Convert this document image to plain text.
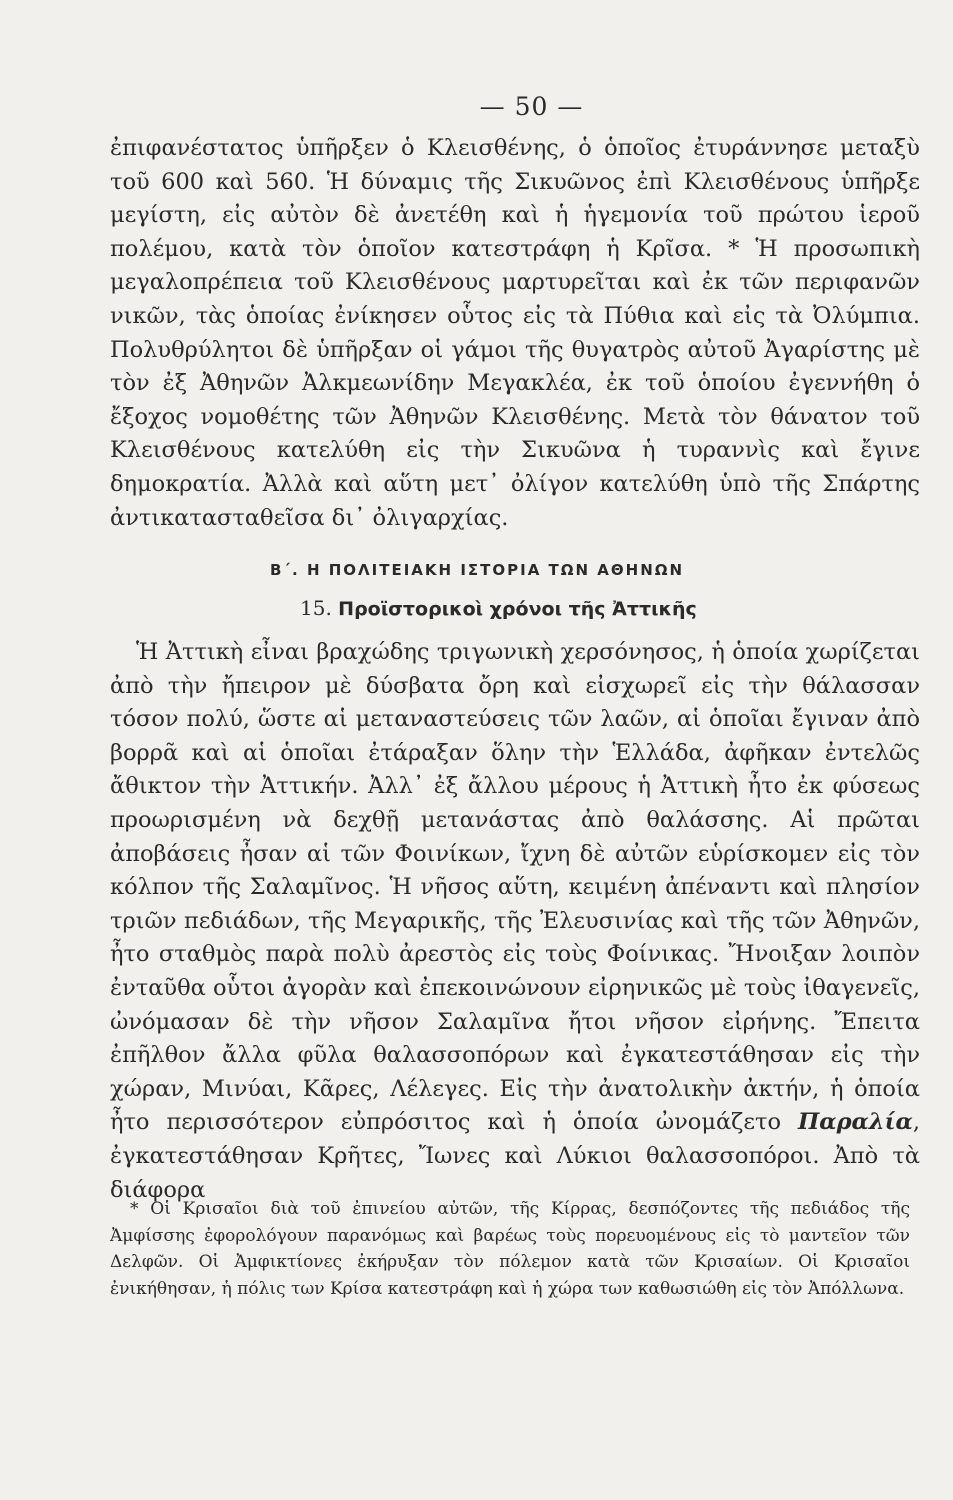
— 50 —

ἐπιφανέστατος ὑπῆρξεν ὁ Κλεισθένης, ὁ ὁποῖος ἐτυράννησε μεταξὺ τοῦ 600 καὶ 560. Ἡ δύναμις τῆς Σικυῶνος ἐπὶ Κλεισθένους ὑπῆρξε μεγίστη, εἰς αὐτὸν δὲ ἀνετέθη καὶ ἡ ἡγεμονία τοῦ πρώτου ἱεροῦ πολέμου, κατὰ τὸν ὁποῖον κατεστράφη ἡ Κρῖσα. * Ἡ προσωπικὴ μεγαλοπρέπεια τοῦ Κλεισθένους μαρτυρεῖται καὶ ἐκ τῶν περιφανῶν νικῶν, τὰς ὁποίας ἐνίκησεν οὗτος εἰς τὰ Πύθια καὶ εἰς τὰ Ὀλύμπια. Πολυθρύλητοι δὲ ὑπῆρξαν οἱ γάμοι τῆς θυγατρὸς αὐτοῦ Ἀγαρίστης μὲ τὸν ἐξ Ἀθηνῶν Ἀλκμεωνίδην Μεγακλέα, ἐκ τοῦ ὁποίου ἐγεννήθη ὁ ἔξοχος νομοθέτης τῶν Ἀθηνῶν Κλεισθένης. Μετὰ τὸν θάνατον τοῦ Κλεισθένους κατελύθη εἰς τὴν Σικυῶνα ἡ τυραννὶς καὶ ἔγινε δημοκρατία. Ἀλλὰ καὶ αὕτη μετ᾿ ὀλίγον κατελύθη ὑπὸ τῆς Σπάρτης ἀντικατασταθεῖσα δι᾿ ὀλιγαρχίας.

Β΄. Η ΠΟΛΙΤΕΙΑΚΗ ΙΣΤΟΡΙΑ ΤΩΝ ΑΘΗΝΩΝ
15. Προϊστορικοὶ χρόνοι τῆς Ἀττικῆς

Ἡ Ἀττικὴ εἶναι βραχώδης τριγωνικὴ χερσόνησος, ἡ ὁποία χωρίζεται ἀπὸ τὴν ἤπειρον μὲ δύσβατα ὄρη καὶ εἰσχωρεῖ εἰς τὴν θάλασσαν τόσον πολύ, ὥστε αἱ μεταναστεύσεις τῶν λαῶν, αἱ ὁποῖαι ἔγιναν ἀπὸ βορρᾶ καὶ αἱ ὁποῖαι ἐτάραξαν ὅλην τὴν Ἑλλάδα, ἀφῆκαν ἐντελῶς ἄθικτον τὴν Ἀττικήν. Ἀλλ᾿ ἐξ ἄλλου μέρους ἡ Ἀττικὴ ἦτο ἐκ φύσεως προωρισμένη νὰ δεχθῇ μετανάστας ἀπὸ θαλάσσης. Αἱ πρῶται ἀποβάσεις ἦσαν αἱ τῶν Φοινίκων, ἴχνη δὲ αὐτῶν εὑρίσκομεν εἰς τὸν κόλπον τῆς Σαλαμῖνος. Ἡ νῆσος αὕτη, κειμένη ἀπέναντι καὶ πλησίον τριῶν πεδιάδων, τῆς Μεγαρικῆς, τῆς Ἐλευσινίας καὶ τῆς τῶν Ἀθηνῶν, ἦτο σταθμὸς παρὰ πολὺ ἀρεστὸς εἰς τοὺς Φοίνικας. Ἤνοιξαν λοιπὸν ἐνταῦθα οὗτοι ἀγορὰν καὶ ἐπεκοινώνουν εἰρηνικῶς μὲ τοὺς ἰθαγενεῖς, ὠνόμασαν δὲ τὴν νῆσον Σαλαμῖνα ἤτοι νῆσον εἰρήνης. Ἔπειτα ἐπῆλθον ἄλλα φῦλα θαλασσοπόρων καὶ ἐγκατεστάθησαν εἰς τὴν χώραν, Μινύαι, Κᾶρες, Λέλεγες. Εἰς τὴν ἀνατολικὴν ἀκτήν, ἡ ὁποία ἦτο περισσότερον εὐπρόσιτος καὶ ἡ ὁποία ὠνομάζετο Παραλία, ἐγκατεστάθησαν Κρῆτες, Ἴωνες καὶ Λύκιοι θαλασσοπόροι. Ἀπὸ τὰ διάφορα

* Οἱ Κρισαῖοι διὰ τοῦ ἐπινείου αὐτῶν, τῆς Κίρρας, δεσπόζοντες τῆς πεδιάδος τῆς Ἀμφίσσης ἐφορολόγουν παρανόμως καὶ βαρέως τοὺς πορευομένους εἰς τὸ μαντεῖον τῶν Δελφῶν. Οἱ Ἀμφικτίονες ἐκήρυξαν τὸν πόλεμον κατὰ τῶν Κρισαίων. Οἱ Κρισαῖοι ἐνικήθησαν, ἡ πόλις των Κρίσα κατεστράφη καὶ ἡ χώρα των καθωσιώθη εἰς τὸν Ἀπόλλωνα.
